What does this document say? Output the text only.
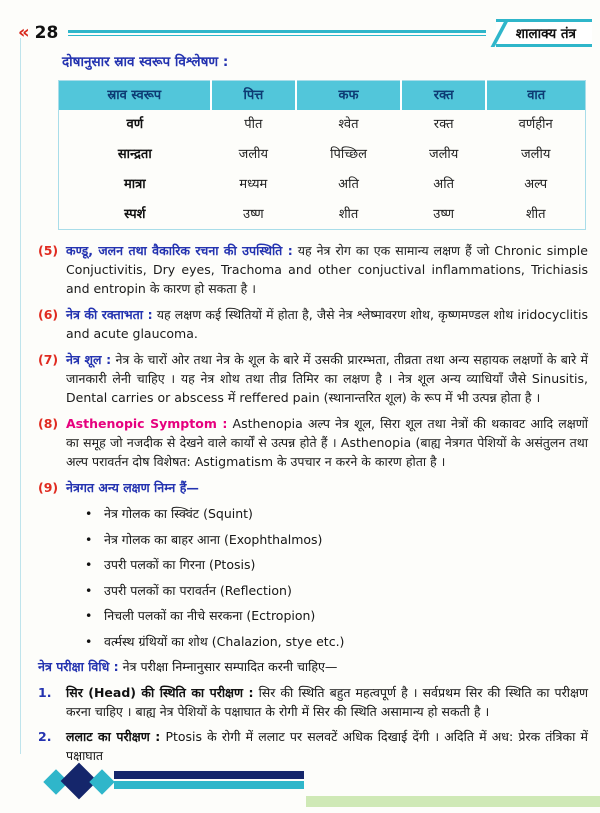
« 28	शालाक्य तंत्र
दोषानुसार स्राव स्वरूप विश्लेषण :
स्राव स्वरूप	पित्त	कफ	रक्त	वात
वर्ण	पीत	श्वेत	रक्त	वर्णहीन
सान्द्रता	जलीय	पिच्छिल	जलीय	जलीय
मात्रा	मध्यम	अति	अति	अल्प
स्पर्श	उष्ण	शीत	उष्ण	शीत
(5) कण्डू, जलन तथा वैकारिक रचना की उपस्थिति : यह नेत्र रोग का एक सामान्य लक्षण हैं जो Chronic simple Conjuctivitis, Dry eyes, Trachoma and other conjuctival inflammations, Trichiasis and entropin के कारण हो सकता है ।
(6) नेत्र की रक्ताभता : यह लक्षण कई स्थितियों में होता है, जैसे नेत्र श्लेष्मावरण शोथ, कृष्णमण्डल शोथ iridocyclitis and acute glaucoma.
(7) नेत्र शूल : नेत्र के चारों ओर तथा नेत्र के शूल के बारे में उसकी प्रारम्भता, तीव्रता तथा अन्य सहायक लक्षणों के बारे में जानकारी लेनी चाहिए । यह नेत्र शोथ तथा तीव्र तिमिर का लक्षण है । नेत्र शूल अन्य व्याधियाँ जैसे Sinusitis, Dental carries or abscess में reffered pain (स्थानान्तरित शूल) के रूप में भी उत्पन्न होता है ।
(8) Asthenopic Symptom : Asthenopia अल्प नेत्र शूल, सिरा शूल तथा नेत्रों की थकावट आदि लक्षणों का समूह जो नजदीक से देखने वाले कार्यों से उत्पन्न होते हैं । Asthenopia (बाह्य नेत्रगत पेशियों के असंतुलन तथा अल्प परावर्तन दोष विशेषत: Astigmatism के उपचार न करने के कारण होता है ।
(9) नेत्रगत अन्य लक्षण निम्न हैं—
• नेत्र गोलक का स्क्विंट (Squint)
• नेत्र गोलक का बाहर आना (Exophthalmos)
• उपरी पलकों का गिरना (Ptosis)
• उपरी पलकों का परावर्तन (Reflection)
• निचली पलकों का नीचे सरकना (Ectropion)
• वर्त्मस्थ ग्रंथियों का शोथ (Chalazion, stye etc.)
नेत्र परीक्षा विधि : नेत्र परीक्षा निम्नानुसार सम्पादित करनी चाहिए—
1. सिर (Head) की स्थिति का परीक्षण : सिर की स्थिति बहुत महत्वपूर्ण है । सर्वप्रथम सिर की स्थिति का परीक्षण करना चाहिए । बाह्य नेत्र पेशियों के पक्षाघात के रोगी में सिर की स्थिति असामान्य हो सकती है ।
2. ललाट का परीक्षण : Ptosis के रोगी में ललाट पर सलवटें अधिक दिखाई देंगी । अदिति में अध: प्रेरक तंत्रिका में पक्षाघात
